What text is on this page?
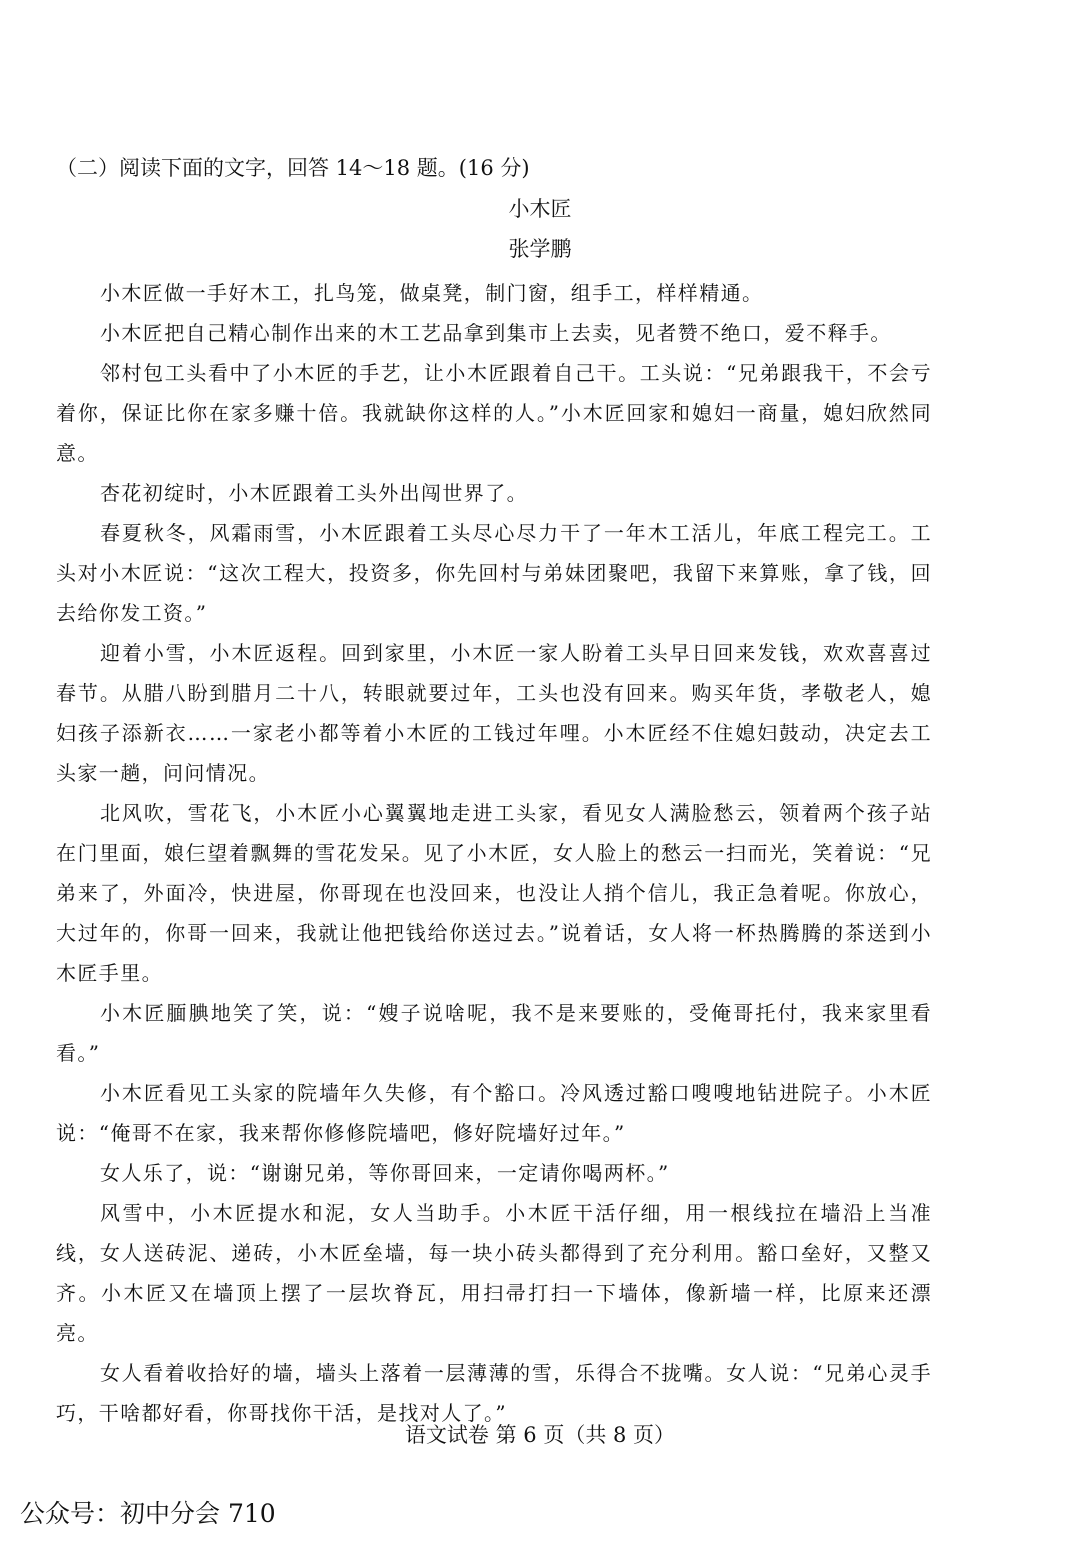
（二）阅读下面的文字，回答 14～18 题。(16 分)
小木匠
张学鹏

小木匠做一手好木工，扎鸟笼，做桌凳，制门窗，组手工，样样精通。

小木匠把自己精心制作出来的木工艺品拿到集市上去卖，见者赞不绝口，爱不释手。

邻村包工头看中了小木匠的手艺，让小木匠跟着自己干。工头说：“兄弟跟我干，不会亏着你，保证比你在家多赚十倍。我就缺你这样的人。”小木匠回家和媳妇一商量，媳妇欣然同意。

杏花初绽时，小木匠跟着工头外出闯世界了。

春夏秋冬，风霜雨雪，小木匠跟着工头尽心尽力干了一年木工活儿，年底工程完工。工头对小木匠说：“这次工程大，投资多，你先回村与弟妹团聚吧，我留下来算账，拿了钱，回去给你发工资。”

迎着小雪，小木匠返程。回到家里，小木匠一家人盼着工头早日回来发钱，欢欢喜喜过春节。从腊八盼到腊月二十八，转眼就要过年，工头也没有回来。购买年货，孝敬老人，媳妇孩子添新衣……一家老小都等着小木匠的工钱过年哩。小木匠经不住媳妇鼓动，决定去工头家一趟，问问情况。

北风吹，雪花飞，小木匠小心翼翼地走进工头家，看见女人满脸愁云，领着两个孩子站在门里面，娘仨望着飘舞的雪花发呆。见了小木匠，女人脸上的愁云一扫而光，笑着说：“兄弟来了，外面冷，快进屋，你哥现在也没回来，也没让人捎个信儿，我正急着呢。你放心，大过年的，你哥一回来，我就让他把钱给你送过去。”说着话，女人将一杯热腾腾的茶送到小木匠手里。

小木匠腼腆地笑了笑，说：“嫂子说啥呢，我不是来要账的，受俺哥托付，我来家里看看。”

小木匠看见工头家的院墙年久失修，有个豁口。冷风透过豁口嗖嗖地钻进院子。小木匠说：“俺哥不在家，我来帮你修修院墙吧，修好院墙好过年。”

女人乐了，说：“谢谢兄弟，等你哥回来，一定请你喝两杯。”

风雪中，小木匠提水和泥，女人当助手。小木匠干活仔细，用一根线拉在墙沿上当准线，女人送砖泥、递砖，小木匠垒墙，每一块小砖头都得到了充分利用。豁口垒好，又整又齐。小木匠又在墙顶上摆了一层坎脊瓦，用扫帚打扫一下墙体，像新墙一样，比原来还漂亮。

女人看着收拾好的墙，墙头上落着一层薄薄的雪，乐得合不拢嘴。女人说：“兄弟心灵手巧，干啥都好看，你哥找你干活，是找对人了。”

语文试卷 第 6 页（共 8 页）
公众号：初中分会 710
